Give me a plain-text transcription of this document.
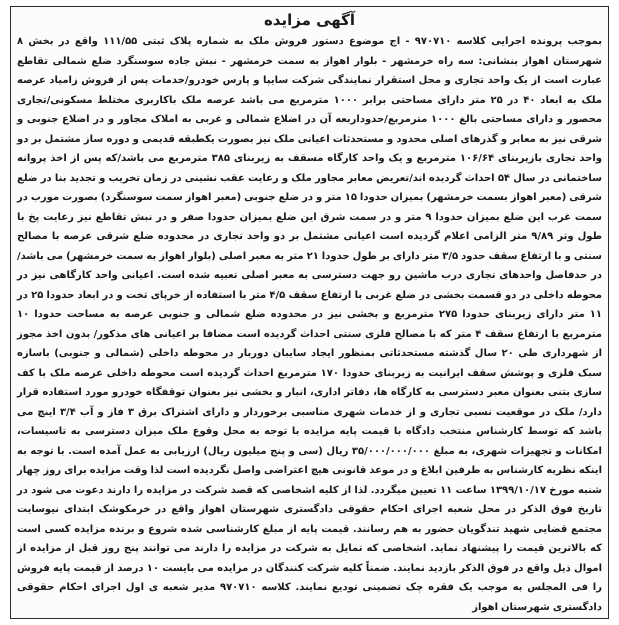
آگهی مزایده

بموجب پرونده اجرایی کلاسه ۹۷۰۷۱۰ - اج موضوع دستور فروش ملک به شماره پلاک ثبتی ۱۱۱/۵۵ واقع در بخش ۸ شهرستان اهواز بنشانی: سه راه خرمشهر - بلوار اهواز به سمت خرمشهر - نبش جاده سوسنگرد ضلع شمالی تقاطع عبارت است از یک واحد تجاری و محل استقرار نمایندگی شرکت سایپا و پارس خودرو/خدمات پس از فروش زامیاد عرصه ملک به ابعاد ۴۰ در ۲۵ متر دارای مساحتی برابر ۱۰۰۰ مترمربع می باشد عرصه ملک باکاربری مختلط مسکونی/تجاری محصور و دارای مساحتی بالغ ۱۰۰۰ مترمربع/حدوداربعه آن در اضلاع شمالی و غربی به املاک مجاور و در اضلاع جنوبی و شرقی نیز به معابر و گذرهای اصلی محدود و مستحدثات اعیانی ملک نیز بصورت یکطبقه قدیمی و دوره ساز مشتمل بر دو واحد تجاری بازیربنای ۱۰۶/۶۴ مترمربع و یک واحد کارگاه مسقف به زیربنای ۳۸۵ مترمربع می باشد/که پس از اخذ پروانه ساختمانی در سال ۵۴ احداث گردیده اند/تعریض معابر مجاور ملک و رعایت عقب نشینی در زمان تخریب و تجدید بنا در ضلع شرقی (معبر اهواز بسمت خرمشهر) بمیزان حدودا ۱۵ متر و در ضلع جنوبی (معبر اهواز سمت سوسنگرد) بصورت مورب در سمت غرب این ضلع بمیزان حدودا ۹ متر و در سمت شرق این ضلع بمیزان حدودا صفر و در نبش تقاطع نیز رعایت پخ با طول وتر ۹/۸۹ متر الزامی اعلام گردیده است اعیانی مشتمل بر دو واحد تجاری در محدوده ضلع شرقی عرصه با مصالح سنتی و با ارتفاع سقف حدود ۳/۵ متر دارای بر طول حدودا ۲۱ متر به معبر اصلی (بلوار اهواز به سمت خرمشهر) می باشد/در حدفاصل واحدهای تجاری درب ماشین رو جهت دسترسی به معبر اصلی تعبیه شده است. اعیانی واحد کارگاهی نیز در محوطه داخلی در دو قسمت بخشی در ضلع غربی با ارتفاع سقف ۴/۵ متر با استفاده از خرپای تخت و در ابعاد حدودا ۲۵ در ۱۱ متر دارای زیربنای حدودا ۲۷۵ مترمربع و بخشی نیز در محدوده ضلع شمالی و جنوبی عرصه به مساحت حدودا ۱۰ مترمربع با ارتفاع سقف ۴ متر که با مصالح فلزی سنتی احداث گردیده است مضافا بر اعیانی های مذکور/ بدون اخذ مجوز از شهرداری طی ۲۰ سال گذشته مستحدثاتی بمنظور ایجاد سایبان دوربار در محوطه داخلی (شمالی و جنوبی) باسازه سبک فلزی و پوشش سقف ایرانیت به زیربنای حدودا ۱۷۰ مترمربع احداث گردیده است محوطه داخلی عرصه ملک با کف سازی بتنی بعنوان معبر دسترسی به کارگاه ها، دفاتر اداری، انبار و بخشی نیز بعنوان توقفگاه خودرو مورد استفاده قرار دارد/ ملک در موقعیت نسبی تجاری و از خدمات شهری مناسبی برخوردار و دارای اشتراک برق ۳ فاز و آب ۳/۴ اینچ می باشد که توسط کارشناس منتخب دادگاه با قیمت پایه مزایده با توجه به محل وقوع ملک میزان دسترسی به تاسیسات، امکانات و تجهیزات شهری، به مبلغ ۳۵/۰۰۰/۰۰۰/۰۰۰ ریال (سی و پنج میلیون ریال) ارزیابی به عمل آمده است. با توجه به اینکه نظریه کارشناس به طرفین ابلاغ و در موعد قانونی هیچ اعتراضی واصل نگردیده است لذا وقت مزایده برای روز چهار شنبه مورخ ۱۳۹۹/۱۰/۱۷ ساعت ۱۱ تعیین میگردد. لذا از کلیه اشخاصی که قصد شرکت در مزایده را دارند دعوت می شود در تاریخ فوق الذکر در محل شعبه اجرای احکام حقوقی دادگستری شهرستان اهواز واقع در خرمکوشک ابتدای نیوسایت مجتمع قضایی شهید تندگویان حضور به هم رسانند. قیمت پایه از مبلغ کارشناسی شده شروع و برنده مزایده کسی است که بالاترین قیمت را پیشنهاد نماید. اشخاصی که تمایل به شرکت در مزایده را دارند می توانند پنج روز قبل از مزایده از اموال ذیل واقع در فوق الذکر بازدید نمایند. ضمناً کلیه شرکت کنندگان در مزایده می بایست ۱۰ درصد از قیمت پایه فروش را فی المجلس به موجب یک فقره چک تضمینی تودیع نمایند. کلاسه ۹۷۰۷۱۰ مدیر شعبه ی اول اجرای احکام حقوقی دادگستری شهرستان اهواز
